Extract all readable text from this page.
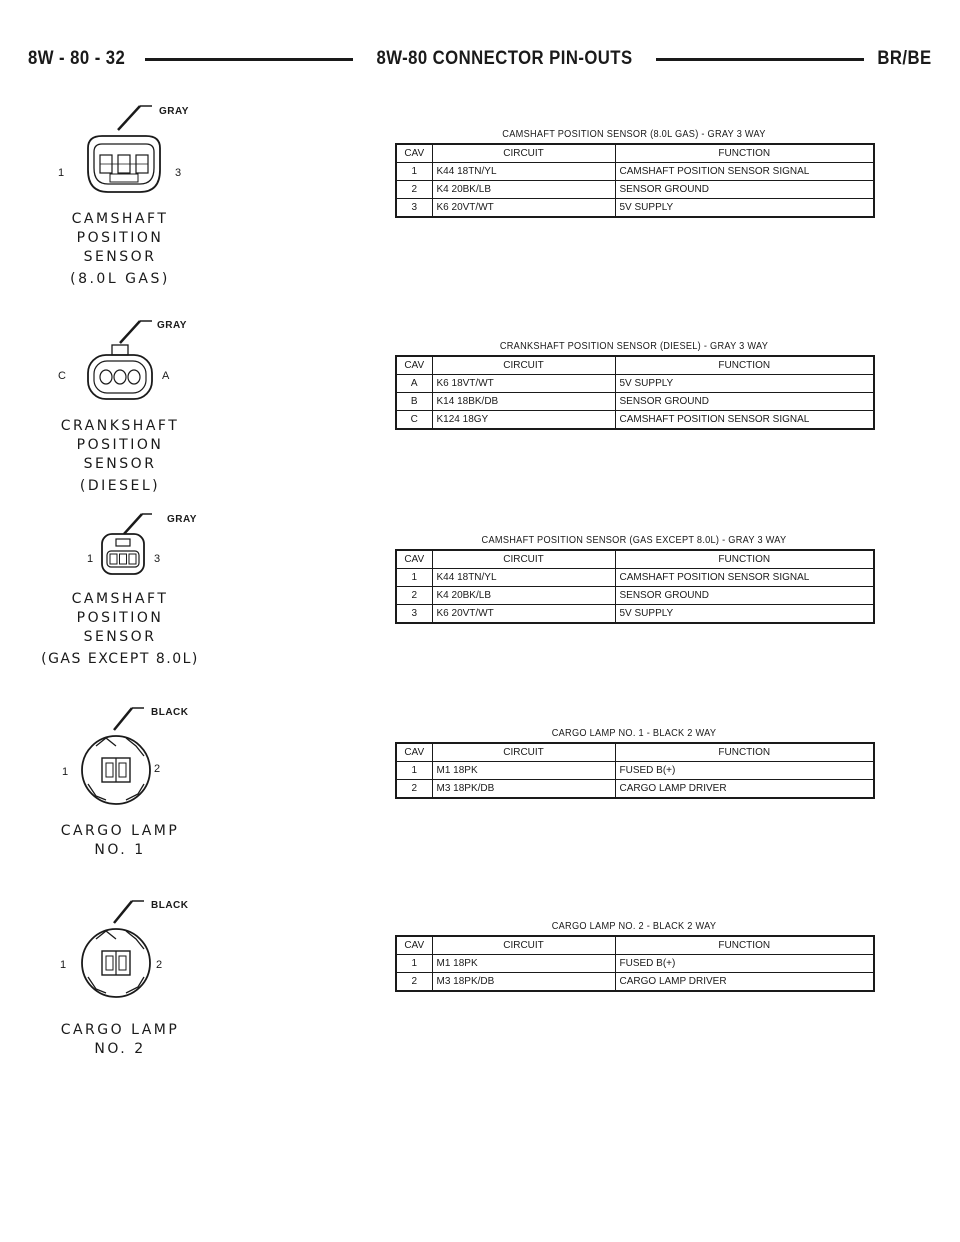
8W - 80 - 32	8W-80 CONNECTOR PIN-OUTS	BR/BE
GRAY
1	3
CAMSHAFT
POSITION
SENSOR
(8.0L GAS)
CAMSHAFT POSITION SENSOR (8.0L GAS) - GRAY 3 WAY
CAV	CIRCUIT	FUNCTION
1	K44 18TN/YL	CAMSHAFT POSITION SENSOR SIGNAL
2	K4 20BK/LB	SENSOR GROUND
3	K6 20VT/WT	5V SUPPLY
GRAY
C	A
CRANKSHAFT
POSITION
SENSOR
(DIESEL)
CRANKSHAFT POSITION SENSOR (DIESEL) - GRAY 3 WAY
CAV	CIRCUIT	FUNCTION
A	K6 18VT/WT	5V SUPPLY
B	K14 18BK/DB	SENSOR GROUND
C	K124 18GY	CAMSHAFT POSITION SENSOR SIGNAL
GRAY
1	3
CAMSHAFT
POSITION
SENSOR
(GAS EXCEPT 8.0L)
CAMSHAFT POSITION SENSOR (GAS EXCEPT 8.0L) - GRAY 3 WAY
CAV	CIRCUIT	FUNCTION
1	K44 18TN/YL	CAMSHAFT POSITION SENSOR SIGNAL
2	K4 20BK/LB	SENSOR GROUND
3	K6 20VT/WT	5V SUPPLY
BLACK
1	2
CARGO LAMP
NO. 1
CARGO LAMP NO. 1 - BLACK 2 WAY
CAV	CIRCUIT	FUNCTION
1	M1 18PK	FUSED B(+)
2	M3 18PK/DB	CARGO LAMP DRIVER
BLACK
1	2
CARGO LAMP
NO. 2
CARGO LAMP NO. 2 - BLACK 2 WAY
CAV	CIRCUIT	FUNCTION
1	M1 18PK	FUSED B(+)
2	M3 18PK/DB	CARGO LAMP DRIVER
